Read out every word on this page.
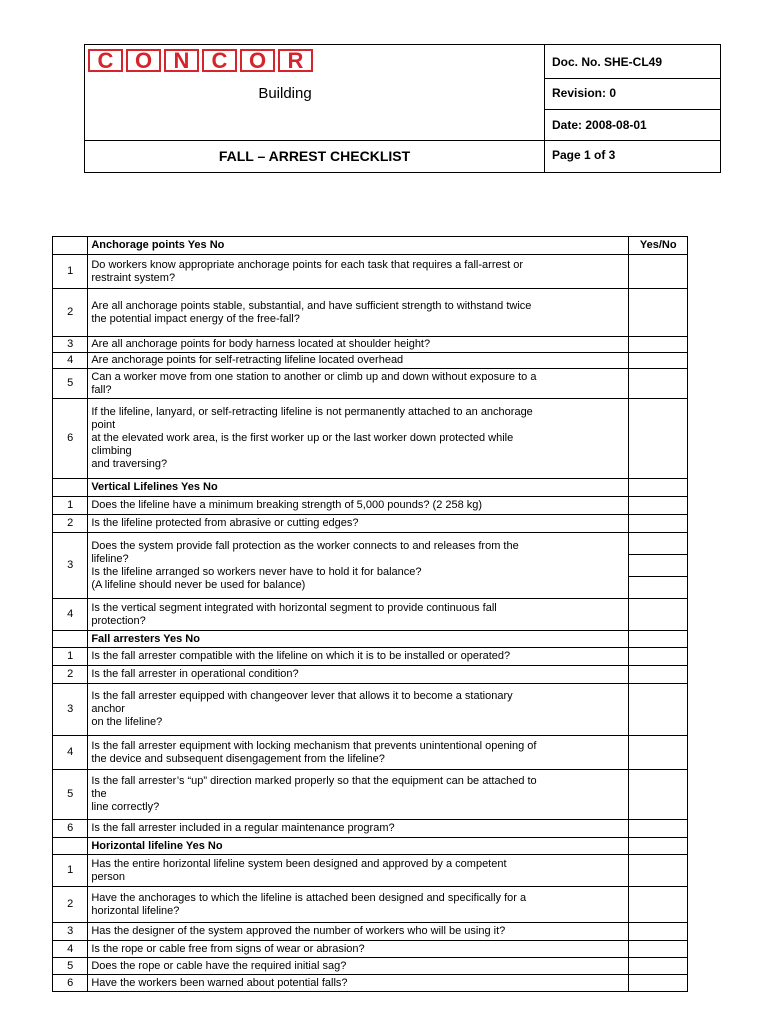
C O N	C O R
Building
FALL – ARREST CHECKLIST
Doc. No. SHE-CL49
Revision: 0
Date: 2008-08-01
Page 1 of 3
	Anchorage points Yes No	Yes/No
1	Do workers know appropriate anchorage points for each task that requires a fall-arrest or
restraint system?	

2	Are all anchorage points stable, substantial, and have sufficient strength to withstand twice
the potential impact energy of the free-fall?	

3	Are all anchorage points for body harness located at shoulder height?	

4	Are anchorage points for self-retracting lifeline located overhead	

5	Can a worker move from one station to another or climb up and down without exposure to a
fall?	

6	If the lifeline, lanyard, or self-retracting lifeline is not permanently attached to an anchorage
point
at the elevated work area, is the first worker up or the last worker down protected while
climbing
and traversing?	

	Vertical Lifelines Yes No	
1	Does the lifeline have a minimum breaking strength of 5,000 pounds? (2 258 kg)	

2	Is the lifeline protected from abrasive or cutting edges?	

3	Does the system provide fall protection as the worker connects to and releases from the
lifeline?
Is the lifeline arranged so workers never have to hold it for balance?
(A lifeline should never be used for balance)	

4	Is the vertical segment integrated with horizontal segment to provide continuous fall
protection?	

	Fall arresters Yes No	
1	Is the fall arrester compatible with the lifeline on which it is to be installed or operated?	

2	Is the fall arrester in operational condition?	

3	Is the fall arrester equipped with changeover lever that allows it to become a stationary
anchor
on the lifeline?	

4	Is the fall arrester equipment with locking mechanism that prevents unintentional opening of
the device and subsequent disengagement from the lifeline?	

5	Is the fall arrester’s “up” direction marked properly so that the equipment can be attached to
the
line correctly?	

6	Is the fall arrester included in a regular maintenance program?	

	Horizontal lifeline Yes No	
1	Has the entire horizontal lifeline system been designed and approved by a competent
person	

2	Have the anchorages to which the lifeline is attached been designed and specifically for a
horizontal lifeline?	

3	Has the designer of the system approved the number of workers who will be using it?	

4	Is the rope or cable free from signs of wear or abrasion?	

5	Does the rope or cable have the required initial sag?	

6	Have the workers been warned about potential falls?	
